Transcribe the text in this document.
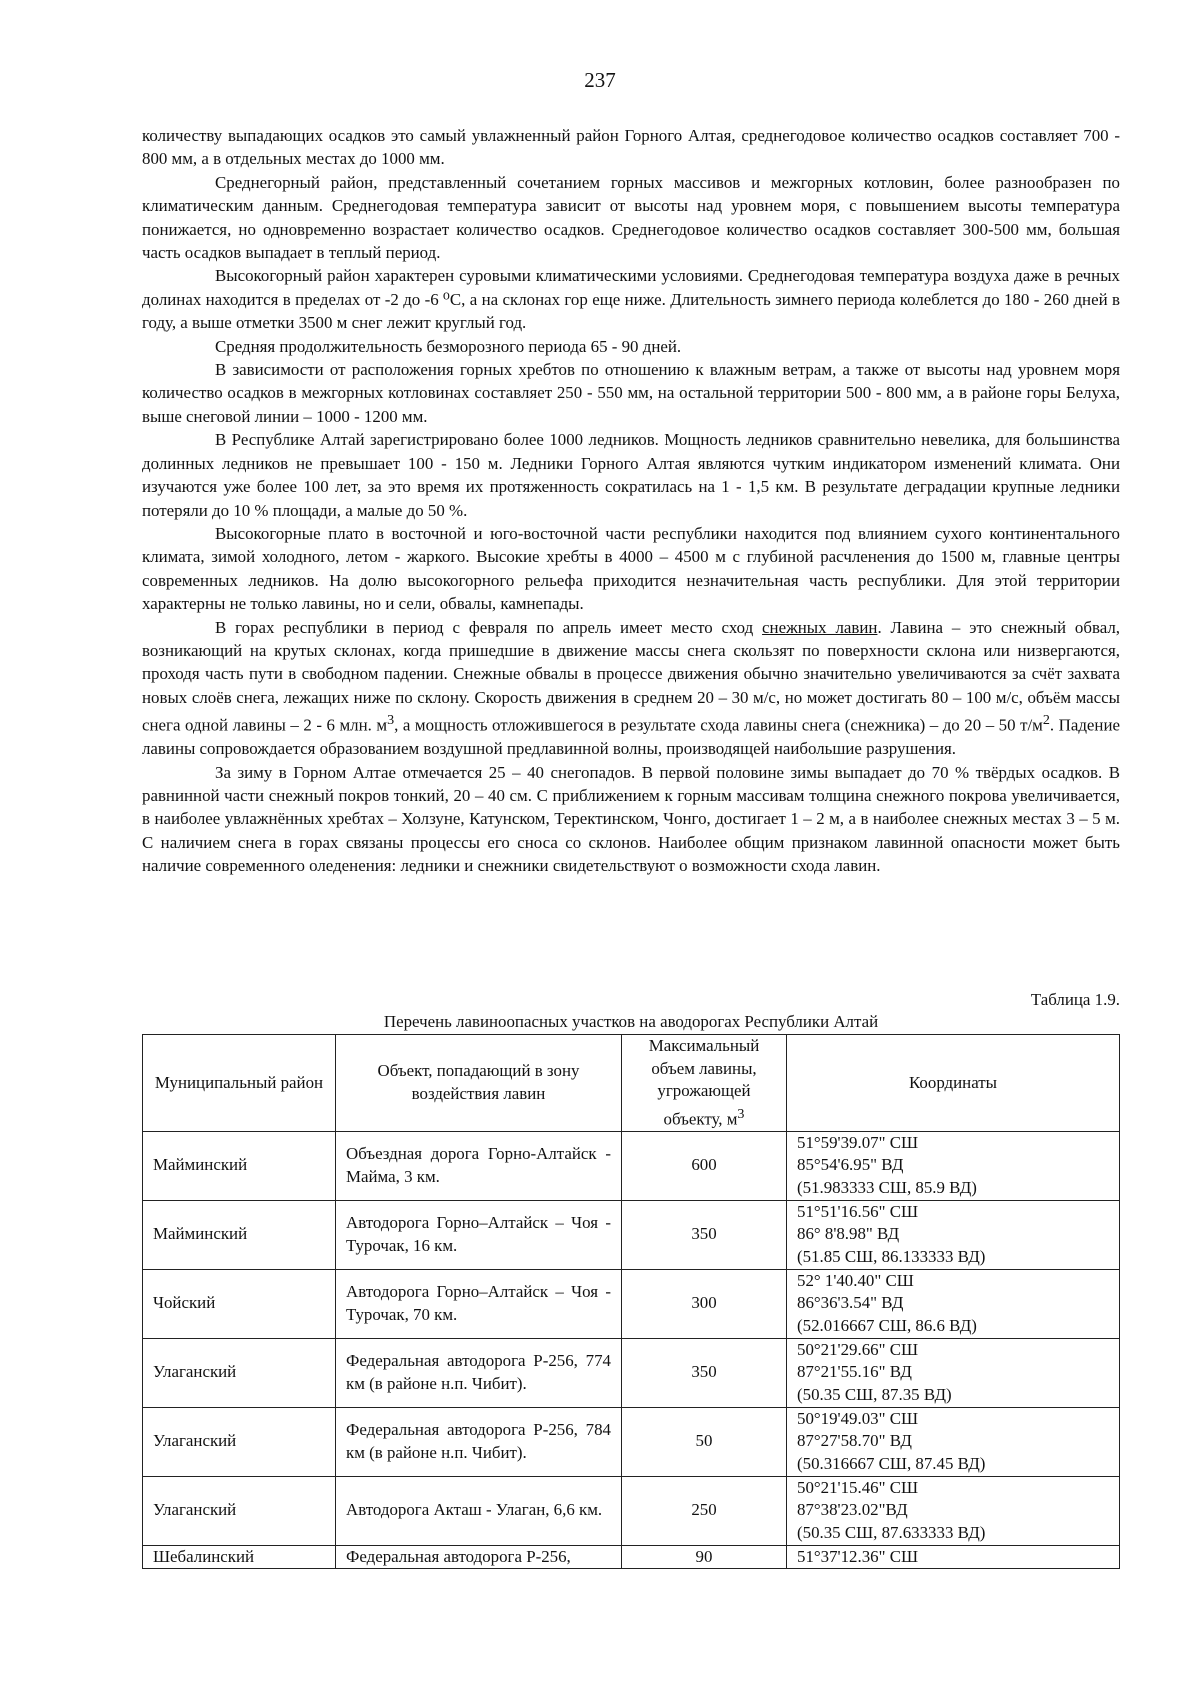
237

количеству выпадающих осадков это самый увлажненный район Горного Алтая, среднегодовое количество осадков составляет 700 - 800 мм, а в отдельных местах до 1000 мм.

Среднегорный район, представленный сочетанием горных массивов и межгорных котловин, более разнообразен по климатическим данным. Среднегодовая температура зависит от высоты над уровнем моря, с повышением высоты температура понижается, но одновременно возрастает количество осадков. Среднегодовое количество осадков составляет 300-500 мм, большая часть осадков выпадает в теплый период.

Высокогорный район характерен суровыми климатическими условиями. Среднегодовая температура воздуха даже в речных долинах находится в пределах от -2 до -6 ⁰С, а на склонах гор еще ниже. Длительность зимнего периода колеблется до 180 - 260 дней в году, а выше отметки 3500 м снег лежит круглый год.

Средняя продолжительность безморозного периода 65 - 90 дней.

В зависимости от расположения горных хребтов по отношению к влажным ветрам, а также от высоты над уровнем моря количество осадков в межгорных котловинах составляет 250 - 550 мм, на остальной территории 500 - 800 мм, а в районе горы Белуха, выше снеговой линии – 1000 - 1200 мм.

В Республике Алтай зарегистрировано более 1000 ледников. Мощность ледников сравнительно невелика, для большинства долинных ледников не превышает 100 - 150 м. Ледники Горного Алтая являются чутким индикатором изменений климата. Они изучаются уже более 100 лет, за это время их протяженность сократилась на 1 - 1,5 км. В результате деградации крупные ледники потеряли до 10 % площади, а малые до 50 %.

Высокогорные плато в восточной и юго-восточной части республики находится под влиянием сухого континентального климата, зимой холодного, летом - жаркого. Высокие хребты в 4000 – 4500 м с глубиной расчленения до 1500 м, главные центры современных ледников. На долю высокогорного рельефа приходится незначительная часть республики. Для этой территории характерны не только лавины, но и сели, обвалы, камнепады.

В горах республики в период с февраля по апрель имеет место сход снежных лавин. Лавина – это снежный обвал, возникающий на крутых склонах, когда пришедшие в движение массы снега скользят по поверхности склона или низвергаются, проходя часть пути в свободном падении. Снежные обвалы в процессе движения обычно значительно увеличиваются за счёт захвата новых слоёв снега, лежащих ниже по склону. Скорость движения в среднем 20 – 30 м/с, но может достигать 80 – 100 м/с, объём массы снега одной лавины – 2 - 6 млн. $м^3$, а мощность отложившегося в результате схода лавины снега (снежника) – до 20 – 50 $т/м^2$. Падение лавины сопровождается образованием воздушной предлавинной волны, производящей наибольшие разрушения.

За зиму в Горном Алтае отмечается 25 – 40 снегопадов. В первой половине зимы выпадает до 70 % твёрдых осадков. В равнинной части снежный покров тонкий, 20 – 40 см. С приближением к горным массивам толщина снежного покрова увеличивается, в наиболее увлажнённых хребтах – Холзуне, Катунском, Теректинском, Чонго, достигает 1 – 2 м, а в наиболее снежных местах 3 – 5 м. С наличием снега в горах связаны процессы его сноса со склонов. Наиболее общим признаком лавинной опасности может быть наличие современного оледенения: ледники и снежники свидетельствуют о возможности схода лавин.

Таблица 1.9.
Перечень лавиноопасных участков на аводорогах Республики Алтай
Муниципальный район	Объект, попадающий в зону воздействия лавин	Максимальный объем лавины, угрожающей объекту, $м^3$	Координаты
Майминский	Объездная дорога Горно-Алтайск - Майма, 3 км.	600	51°59'39.07" СШ
85°54'6.95" ВД
(51.983333 СШ, 85.9 ВД)

Майминский	Автодорога Горно–Алтайск – Чоя - Турочак, 16 км.	350	51°51'16.56" СШ
86° 8'8.98" ВД
(51.85 СШ, 86.133333 ВД)

Чойский	Автодорога Горно–Алтайск – Чоя - Турочак, 70 км.	300	52° 1'40.40" СШ
86°36'3.54" ВД
(52.016667 СШ, 86.6 ВД)

Улаганский	Федеральная автодорога Р-256, 774 км (в районе н.п. Чибит).	350	50°21'29.66" СШ
87°21'55.16" ВД
(50.35 СШ, 87.35 ВД)

Улаганский	Федеральная автодорога Р-256, 784 км (в районе н.п. Чибит).	50	50°19'49.03" СШ
87°27'58.70" ВД
(50.316667 СШ, 87.45 ВД)

Улаганский	Автодорога Акташ - Улаган, 6,6 км.	250	50°21'15.46" СШ
87°38'23.02"ВД
(50.35 СШ, 87.633333 ВД)

Шебалинский	Федеральная автодорога Р-256,	90	51°37'12.36" СШ
